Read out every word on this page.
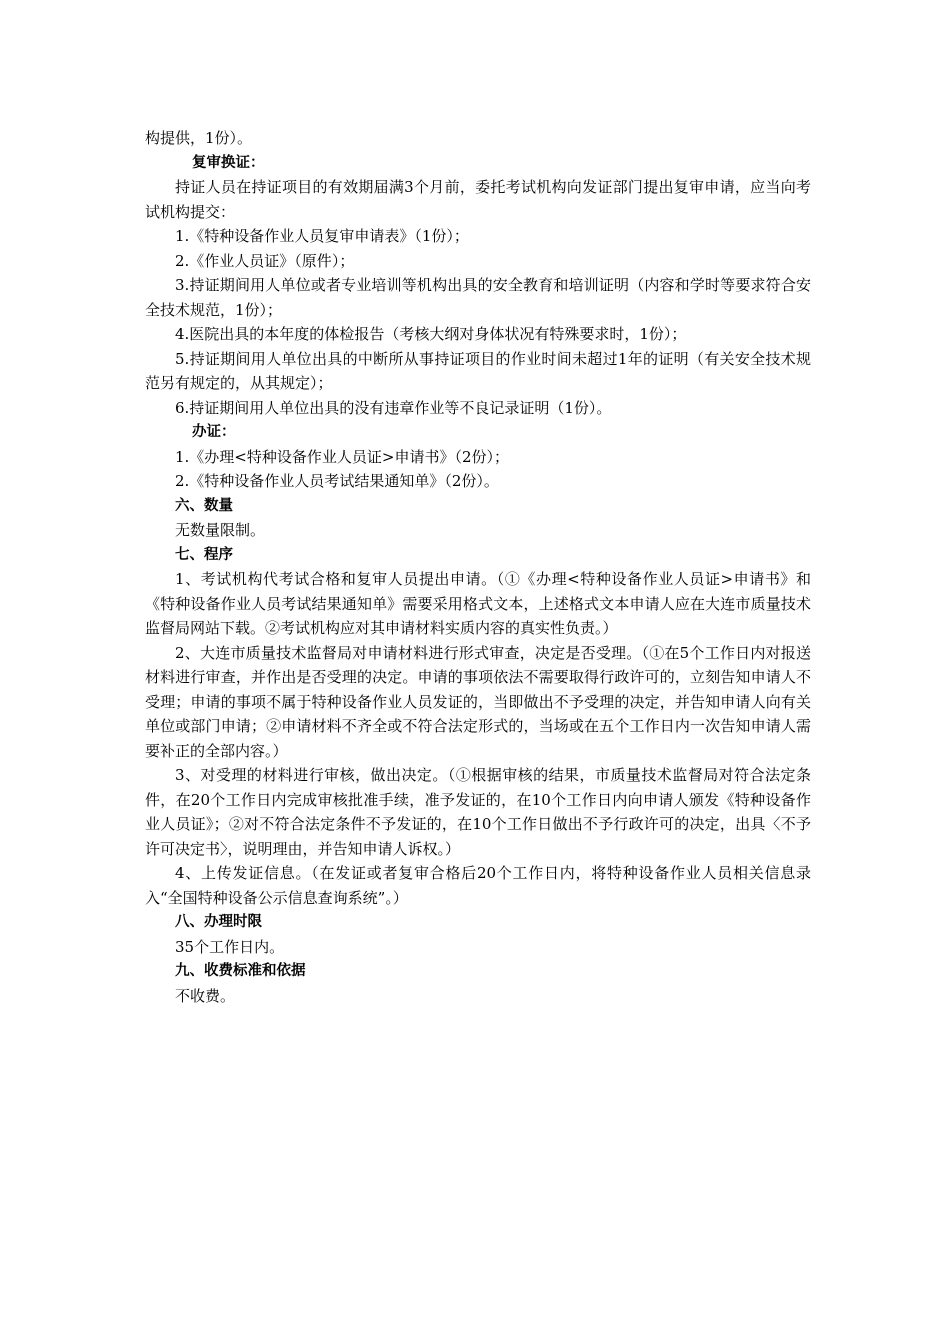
构提供，1份）。

复审换证：

持证人员在持证项目的有效期届满3个月前，委托考试机构向发证部门提出复审申请，应当向考试机构提交：

1.《特种设备作业人员复审申请表》（1份）；

2.《作业人员证》（原件）；

3.持证期间用人单位或者专业培训等机构出具的安全教育和培训证明（内容和学时等要求符合安全技术规范，1份）；

4.医院出具的本年度的体检报告（考核大纲对身体状况有特殊要求时，1份）；

5.持证期间用人单位出具的中断所从事持证项目的作业时间未超过1年的证明（有关安全技术规范另有规定的，从其规定）；

6.持证期间用人单位出具的没有违章作业等不良记录证明（1份）。

办证：

1.《办理<特种设备作业人员证>申请书》（2份）；

2.《特种设备作业人员考试结果通知单》（2份）。

六、数量

无数量限制。

七、程序

1、考试机构代考试合格和复审人员提出申请。（①《办理<特种设备作业人员证>申请书》和《特种设备作业人员考试结果通知单》需要采用格式文本，上述格式文本申请人应在大连市质量技术监督局网站下载。②考试机构应对其申请材料实质内容的真实性负责。）

2、大连市质量技术监督局对申请材料进行形式审查，决定是否受理。（①在5个工作日内对报送材料进行审查，并作出是否受理的决定。申请的事项依法不需要取得行政许可的，立刻告知申请人不受理；申请的事项不属于特种设备作业人员发证的，当即做出不予受理的决定，并告知申请人向有关单位或部门申请；②申请材料不齐全或不符合法定形式的，当场或在五个工作日内一次告知申请人需要补正的全部内容。）

3、对受理的材料进行审核，做出决定。（①根据审核的结果，市质量技术监督局对符合法定条件，在20个工作日内完成审核批准手续，准予发证的，在10个工作日内向申请人颁发《特种设备作业人员证》；②对不符合法定条件不予发证的，在10个工作日做出不予行政许可的决定，出具〈不予许可决定书〉，说明理由，并告知申请人诉权。）

4、上传发证信息。（在发证或者复审合格后20个工作日内，将特种设备作业人员相关信息录入“全国特种设备公示信息查询系统”。）

八、办理时限

35个工作日内。

九、收费标准和依据

不收费。
